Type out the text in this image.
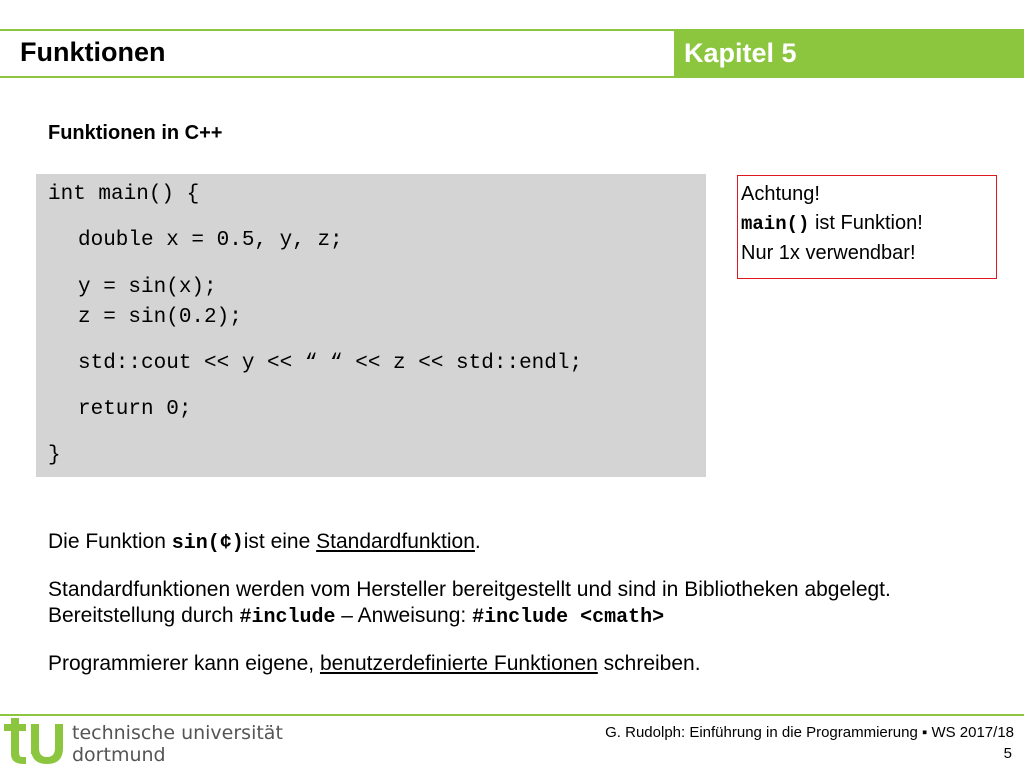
Funktionen	Kapitel 5
Funktionen in C++
int main() {
double x = 0.5, y, z;
y = sin(x);
z = sin(0.2);
std::cout << y << “ “ << z << std::endl;
return 0;
}
Achtung!
main() ist Funktion!
Nur 1x verwendbar!
Die Funktion sin(¢)ist eine Standardfunktion.
Standardfunktionen werden vom Hersteller bereitgestellt und sind in Bibliotheken abgelegt. Bereitstellung durch #include – Anweisung: #include <cmath>
Programmierer kann eigene, benutzerdefinierte Funktionen schreiben.
technische universität
dortmund
G. Rudolph: Einführung in die Programmierung ▪ WS 2017/18
5
